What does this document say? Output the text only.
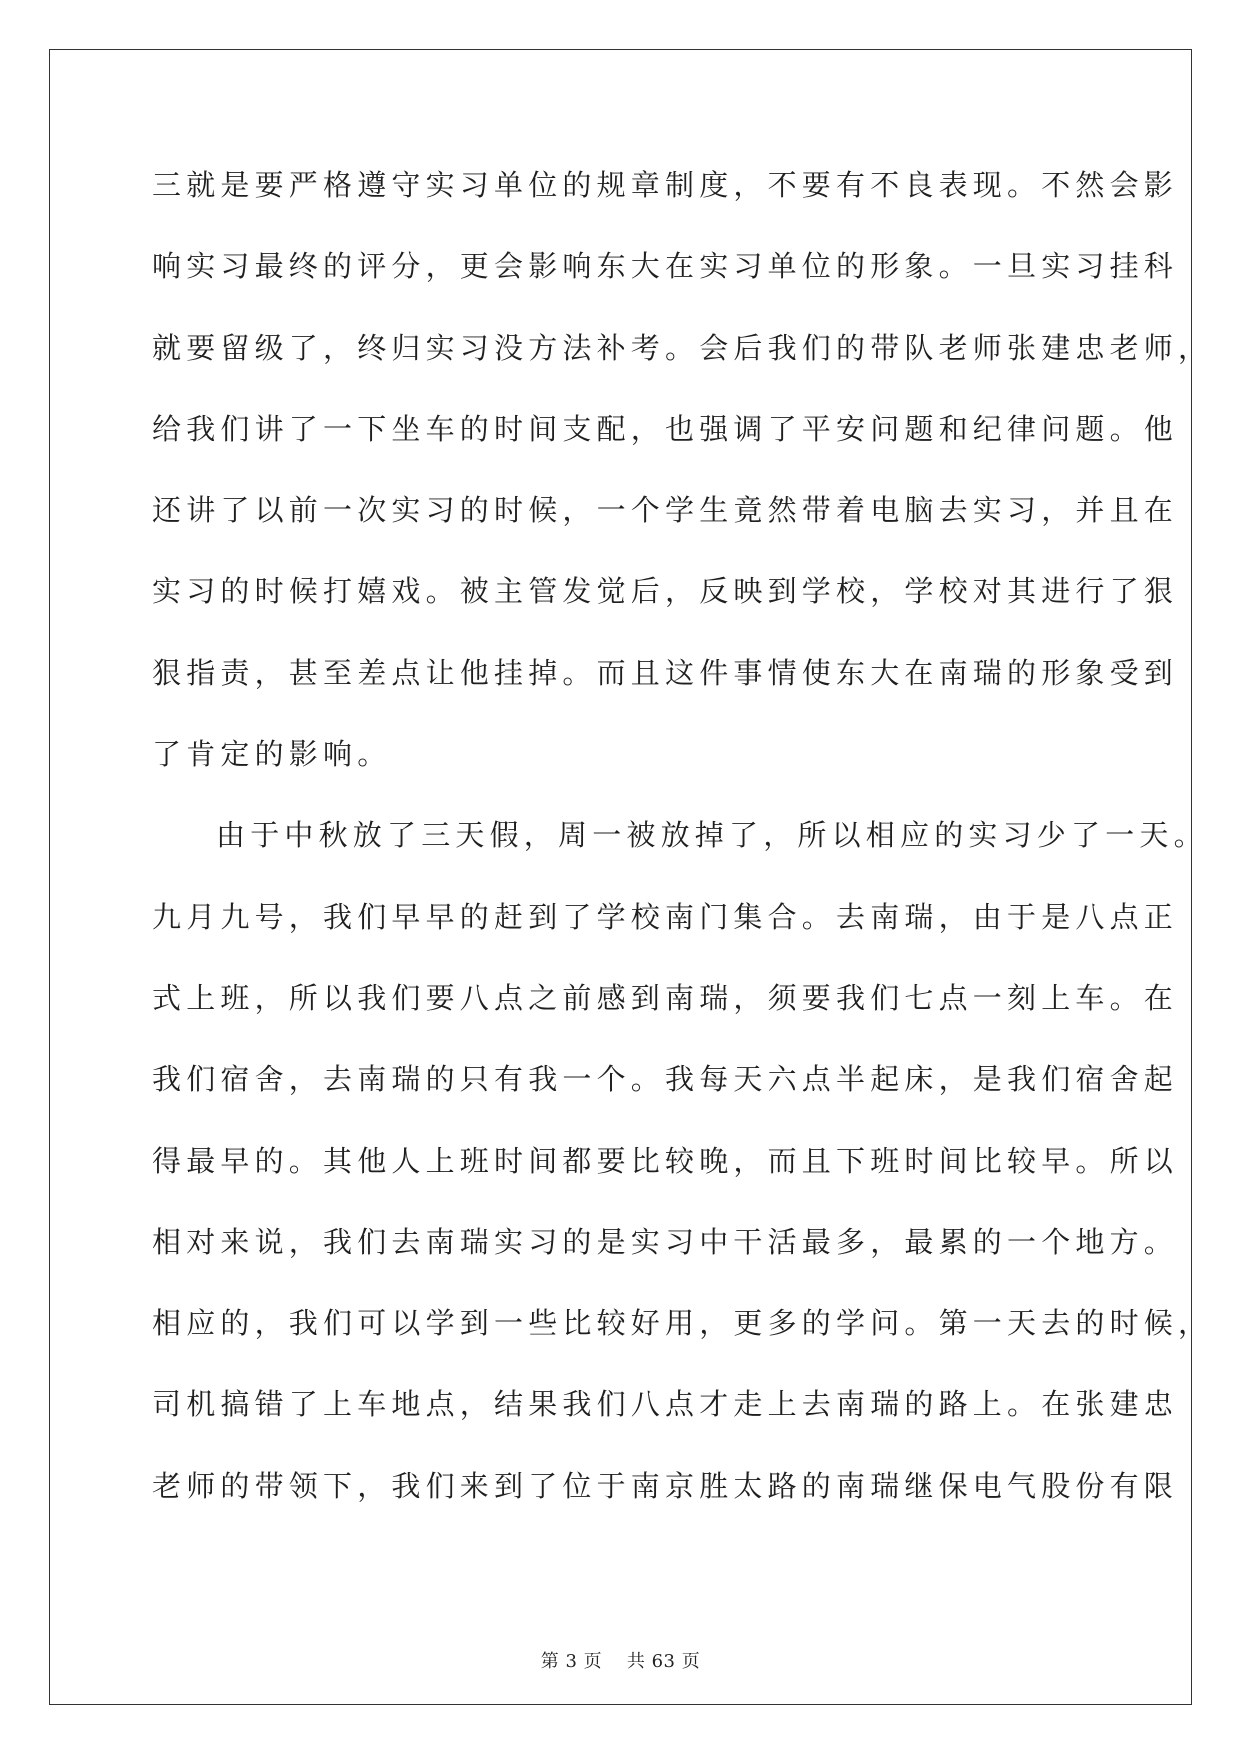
三就是要严格遵守实习单位的规章制度，不要有不良表现。不然会影
响实习最终的评分，更会影响东大在实习单位的形象。一旦实习挂科
就要留级了，终归实习没方法补考。会后我们的带队老师张建忠老师，
给我们讲了一下坐车的时间支配，也强调了平安问题和纪律问题。他
还讲了以前一次实习的时候，一个学生竟然带着电脑去实习，并且在
实习的时候打嬉戏。被主管发觉后，反映到学校，学校对其进行了狠
狠指责，甚至差点让他挂掉。而且这件事情使东大在南瑞的形象受到
了肯定的影响。
由于中秋放了三天假，周一被放掉了，所以相应的实习少了一天。
九月九号，我们早早的赶到了学校南门集合。去南瑞，由于是八点正
式上班，所以我们要八点之前感到南瑞，须要我们七点一刻上车。在
我们宿舍，去南瑞的只有我一个。我每天六点半起床，是我们宿舍起
得最早的。其他人上班时间都要比较晚，而且下班时间比较早。所以
相对来说，我们去南瑞实习的是实习中干活最多，最累的一个地方。
相应的，我们可以学到一些比较好用，更多的学问。第一天去的时候，
司机搞错了上车地点，结果我们八点才走上去南瑞的路上。在张建忠
老师的带领下，我们来到了位于南京胜太路的南瑞继保电气股份有限
第 3 页　 共 63 页
